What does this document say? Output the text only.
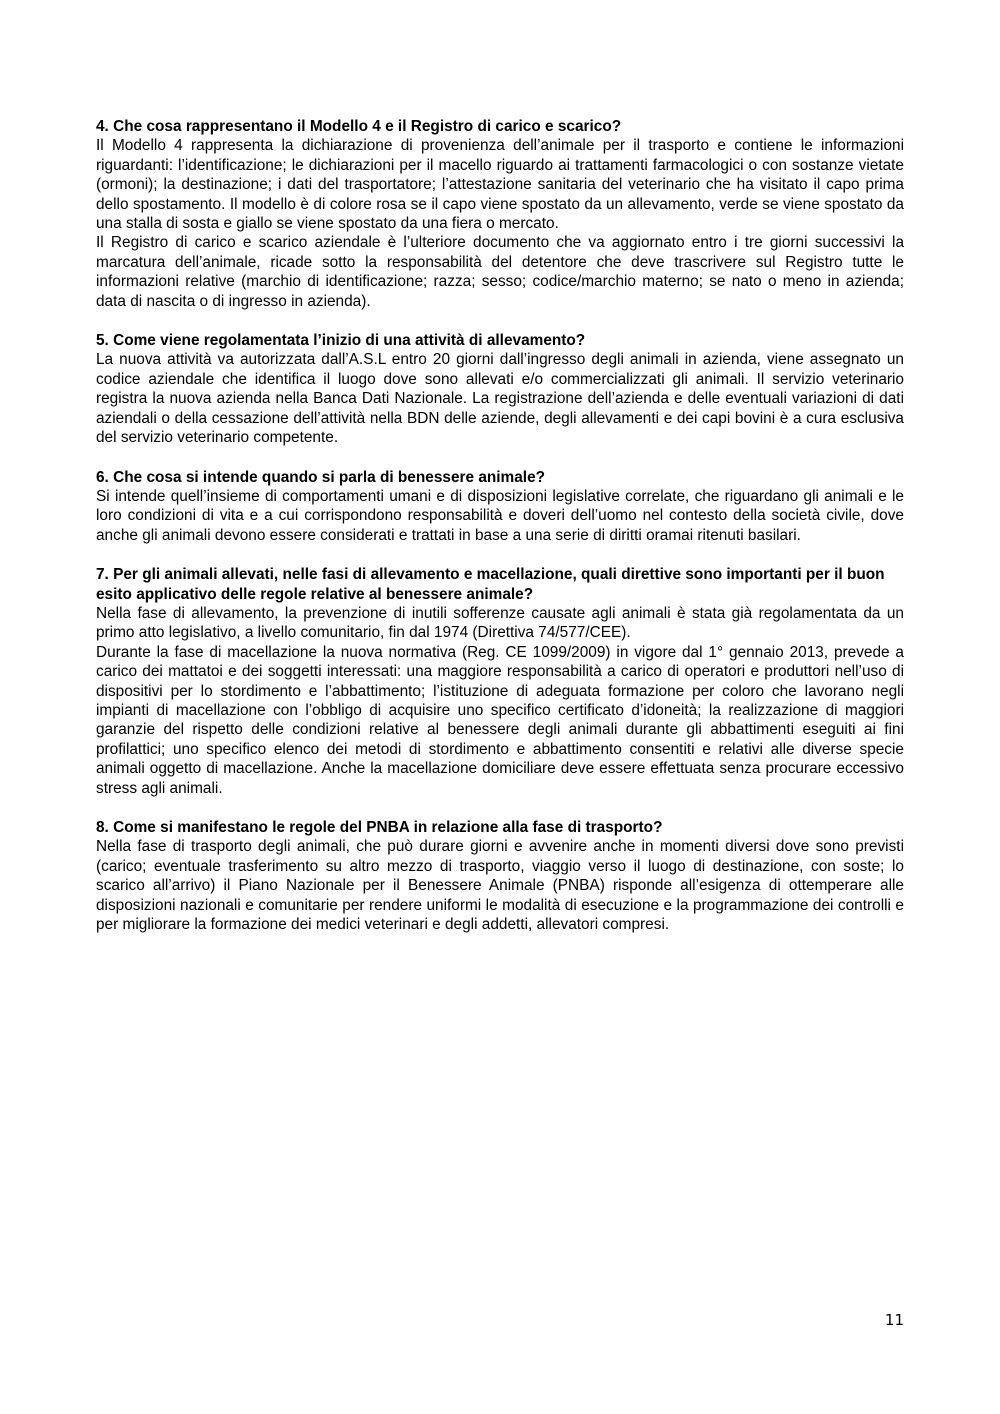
4. Che cosa rappresentano il Modello 4 e il Registro di carico e scarico?

Il Modello 4 rappresenta la dichiarazione di provenienza dell’animale per il trasporto e contiene le informazioni riguardanti: l’identificazione; le dichiarazioni per il macello riguardo ai trattamenti farmacologici o con sostanze vietate (ormoni); la destinazione; i dati del trasportatore; l’attestazione sanitaria del veterinario che ha visitato il capo prima dello spostamento. Il modello è di colore rosa se il capo viene spostato da un allevamento, verde se viene spostato da una stalla di sosta e giallo se viene spostato da una fiera o mercato.

Il Registro di carico e scarico aziendale è l’ulteriore documento che va aggiornato entro i tre giorni successivi la marcatura dell’animale, ricade sotto la responsabilità del detentore che deve trascrivere sul Registro tutte le informazioni relative (marchio di identificazione; razza; sesso; codice/marchio materno; se nato o meno in azienda; data di nascita o di ingresso in azienda).

5. Come viene regolamentata l’inizio di una attività di allevamento?

La nuova attività va autorizzata dall’A.S.L entro 20 giorni dall’ingresso degli animali in azienda, viene assegnato un codice aziendale che identifica il luogo dove sono allevati e/o commercializzati gli animali. Il servizio veterinario registra la nuova azienda nella Banca Dati Nazionale. La registrazione dell’azienda e delle eventuali variazioni di dati aziendali o della cessazione dell’attività nella BDN delle aziende, degli allevamenti e dei capi bovini è a cura esclusiva del servizio veterinario competente.

6. Che cosa si intende quando si parla di benessere animale?

Si intende quell’insieme di comportamenti umani e di disposizioni legislative correlate, che riguardano gli animali e le loro condizioni di vita e a cui corrispondono responsabilità e doveri dell’uomo nel contesto della società civile, dove anche gli animali devono essere considerati e trattati in base a una serie di diritti oramai ritenuti basilari.

7. Per gli animali allevati, nelle fasi di allevamento e macellazione, quali direttive sono importanti per il buon esito applicativo delle regole relative al benessere animale?

Nella fase di allevamento, la prevenzione di inutili sofferenze causate agli animali è stata già regolamentata da un primo atto legislativo, a livello comunitario, fin dal 1974 (Direttiva 74/577/CEE).

Durante la fase di macellazione la nuova normativa (Reg. CE 1099/2009) in vigore dal 1° gennaio 2013, prevede a carico dei mattatoi e dei soggetti interessati: una maggiore responsabilità a carico di operatori e produttori nell’uso di dispositivi per lo stordimento e l’abbattimento; l’istituzione di adeguata formazione per coloro che lavorano negli impianti di macellazione con l’obbligo di acquisire uno specifico certificato d’idoneità; la realizzazione di maggiori garanzie del rispetto delle condizioni relative al benessere degli animali durante gli abbattimenti eseguiti ai fini profilattici; uno specifico elenco dei metodi di stordimento e abbattimento consentiti e relativi alle diverse specie animali oggetto di macellazione. Anche la macellazione domiciliare deve essere effettuata senza procurare eccessivo stress agli animali.

8. Come si manifestano le regole del PNBA in relazione alla fase di trasporto?

Nella fase di trasporto degli animali, che può durare giorni e avvenire anche in momenti diversi dove sono previsti (carico; eventuale trasferimento su altro mezzo di trasporto, viaggio verso il luogo di destinazione, con soste; lo scarico all’arrivo) il Piano Nazionale per il Benessere Animale (PNBA) risponde all’esigenza di ottemperare alle disposizioni nazionali e comunitarie per rendere uniformi le modalità di esecuzione e la programmazione dei controlli e per migliorare la formazione dei medici veterinari e degli addetti, allevatori compresi.

11
